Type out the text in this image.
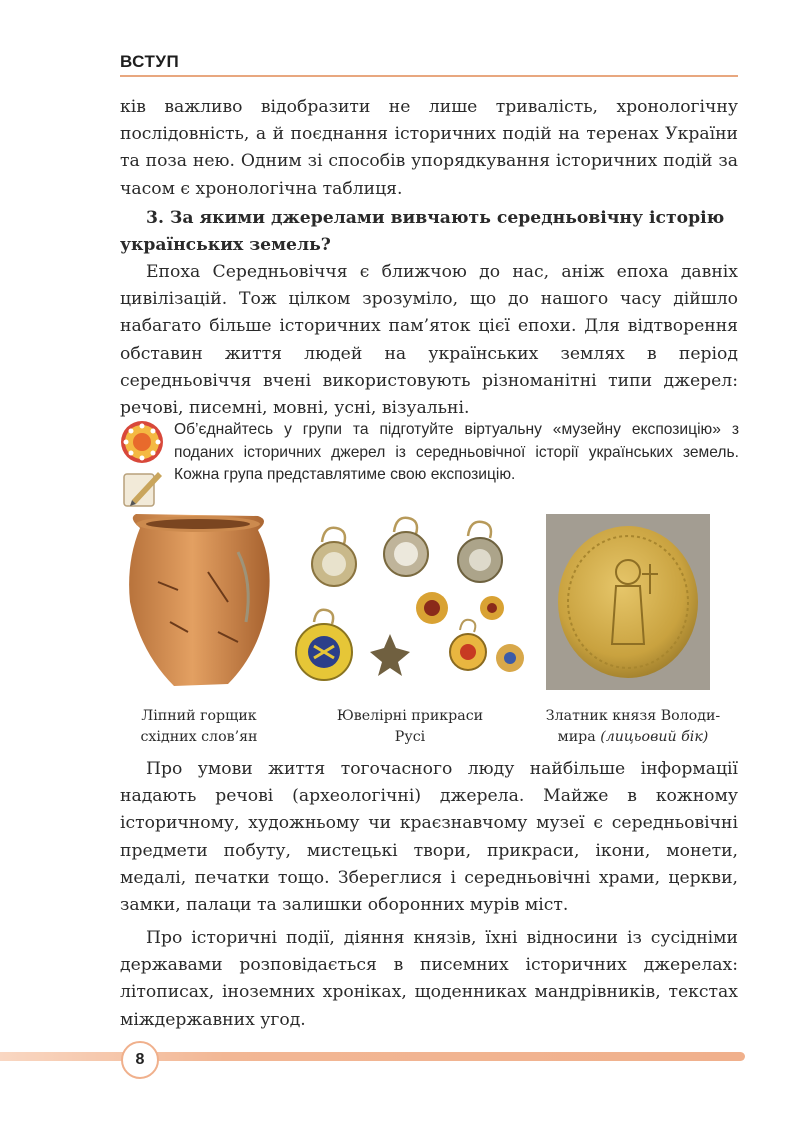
ВСТУП

ків важливо відобразити не лише тривалість, хронологічну послідовність, а й поєднання історичних подій на теренах України та поза нею. Одним зі способів упорядкування історичних подій за часом є хронологічна таблиця.

3. За якими джерелами вивчають середньовічну історію українських земель?

Епоха Середньовіччя є ближчою до нас, аніж епоха давніх цивілізацій. Тож цілком зрозуміло, що до нашого часу дійшло набагато більше історичних пам’яток цієї епохи. Для відтворення обставин життя людей на українських землях в період середньовіччя вчені використовують різноманітні типи джерел: речові, писемні, мовні, усні, візуальні.

Об’єднайтесь у групи та підготуйте віртуальну «музейну експозицію» з поданих історичних джерел із середньовічної історії українських земель. Кожна група представлятиме свою експозицію.

Ліпний горщик
східних слов’ян
Ювелірні прикраси
Русі
Златник князя Володи-
мира (лицьовий бік)

Про умови життя тогочасного люду найбільше інформації надають речові (археологічні) джерела. Майже в кожному історичному, художньому чи краєзнавчому музеї є середньовічні предмети побуту, мистецькі твори, прикраси, ікони, монети, медалі, печатки тощо. Збереглися і середньовічні храми, церкви, замки, палаци та залишки оборонних мурів міст.

Про історичні події, діяння князів, їхні відносини із сусідніми державами розповідається в писемних історичних джерелах: літописах, іноземних хроніках, щоденниках мандрівників, текстах міждержавних угод.

8
